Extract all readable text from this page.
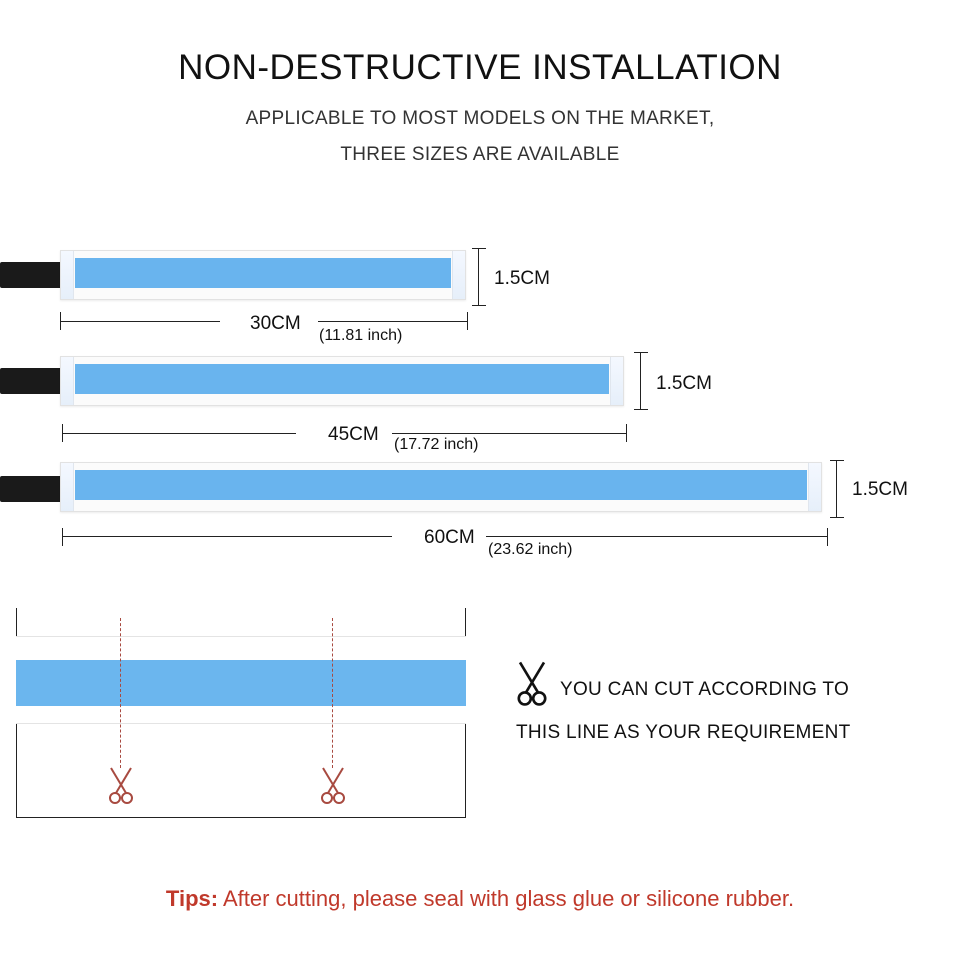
NON-DESTRUCTIVE INSTALLATION
APPLICABLE TO MOST MODELS ON THE MARKET,
THREE SIZES ARE AVAILABLE
1.5CM
30CM
(11.81 inch)
1.5CM
45CM (17.72 inch)
1.5CM
60CM
(23.62 inch)
YOU CAN CUT ACCORDING TO
THIS LINE AS YOUR REQUIREMENT
Tips: After cutting, please seal with glass glue or silicone rubber.
